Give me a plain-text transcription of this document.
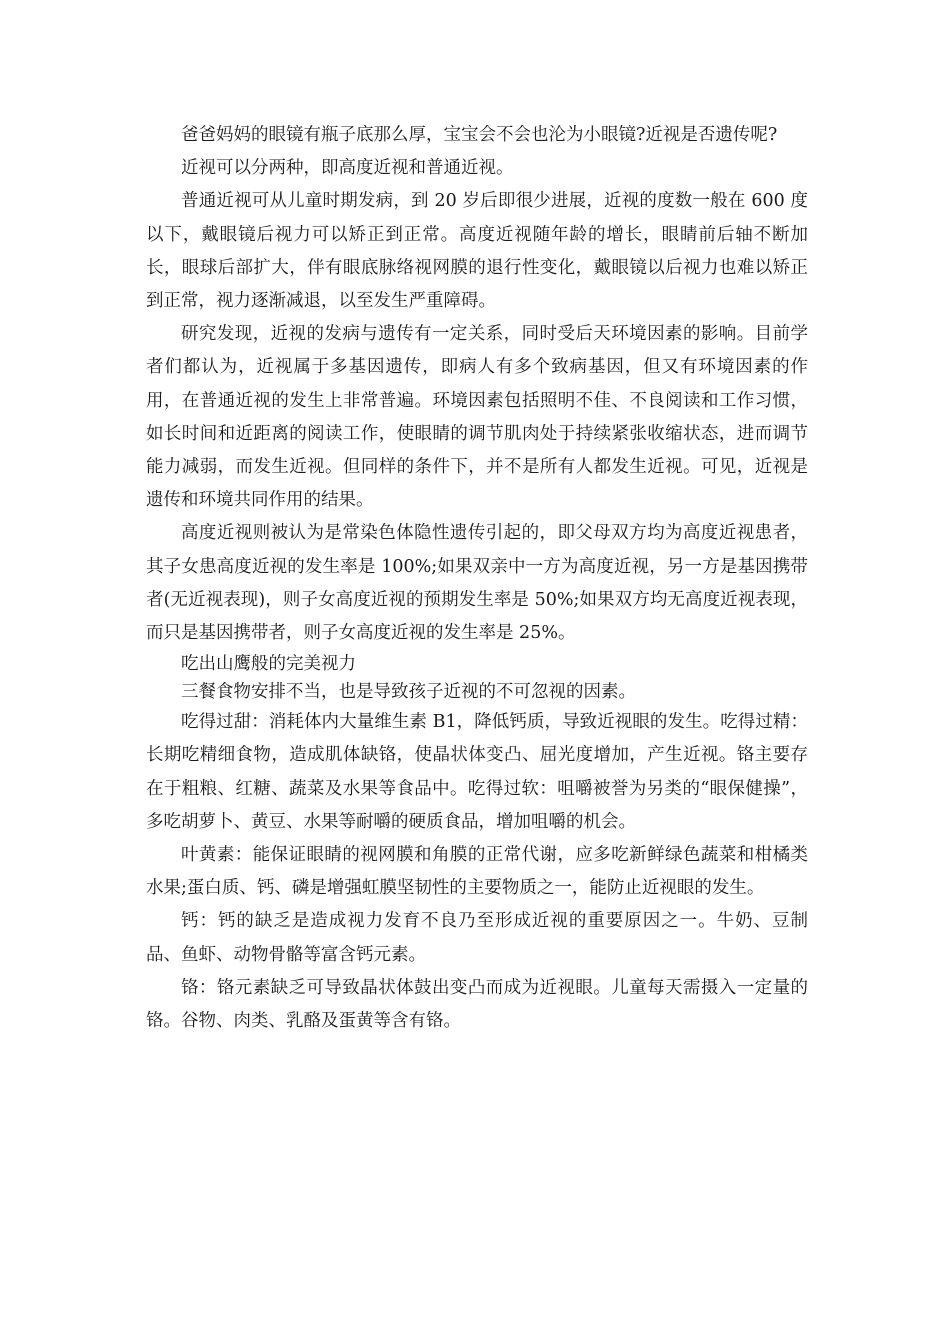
爸爸妈妈的眼镜有瓶子底那么厚，宝宝会不会也沦为小眼镜?近视是否遗传呢?

近视可以分两种，即高度近视和普通近视。

普通近视可从儿童时期发病，到 20 岁后即很少进展，近视的度数一般在 600 度以下，戴眼镜后视力可以矫正到正常。高度近视随年龄的增长，眼睛前后轴不断加长，眼球后部扩大，伴有眼底脉络视网膜的退行性变化，戴眼镜以后视力也难以矫正到正常，视力逐渐减退，以至发生严重障碍。

研究发现，近视的发病与遗传有一定关系，同时受后天环境因素的影响。目前学者们都认为，近视属于多基因遗传，即病人有多个致病基因，但又有环境因素的作用，在普通近视的发生上非常普遍。环境因素包括照明不佳、不良阅读和工作习惯，如长时间和近距离的阅读工作，使眼睛的调节肌肉处于持续紧张收缩状态，进而调节能力减弱，而发生近视。但同样的条件下，并不是所有人都发生近视。可见，近视是遗传和环境共同作用的结果。

高度近视则被认为是常染色体隐性遗传引起的，即父母双方均为高度近视患者，其子女患高度近视的发生率是 100%;如果双亲中一方为高度近视，另一方是基因携带者(无近视表现)，则子女高度近视的预期发生率是 50%;如果双方均无高度近视表现，而只是基因携带者，则子女高度近视的发生率是 25%。

吃出山鹰般的完美视力

三餐食物安排不当，也是导致孩子近视的不可忽视的因素。

吃得过甜：消耗体内大量维生素 B1，降低钙质，导致近视眼的发生。吃得过精：长期吃精细食物，造成肌体缺铬，使晶状体变凸、屈光度增加，产生近视。铬主要存在于粗粮、红糖、蔬菜及水果等食品中。吃得过软：咀嚼被誉为另类的“眼保健操”，多吃胡萝卜、黄豆、水果等耐嚼的硬质食品，增加咀嚼的机会。

叶黄素：能保证眼睛的视网膜和角膜的正常代谢，应多吃新鲜绿色蔬菜和柑橘类水果;蛋白质、钙、磷是增强虹膜坚韧性的主要物质之一，能防止近视眼的发生。

钙：钙的缺乏是造成视力发育不良乃至形成近视的重要原因之一。牛奶、豆制品、鱼虾、动物骨骼等富含钙元素。

铬：铬元素缺乏可导致晶状体鼓出变凸而成为近视眼。儿童每天需摄入一定量的铬。谷物、肉类、乳酪及蛋黄等含有铬。
